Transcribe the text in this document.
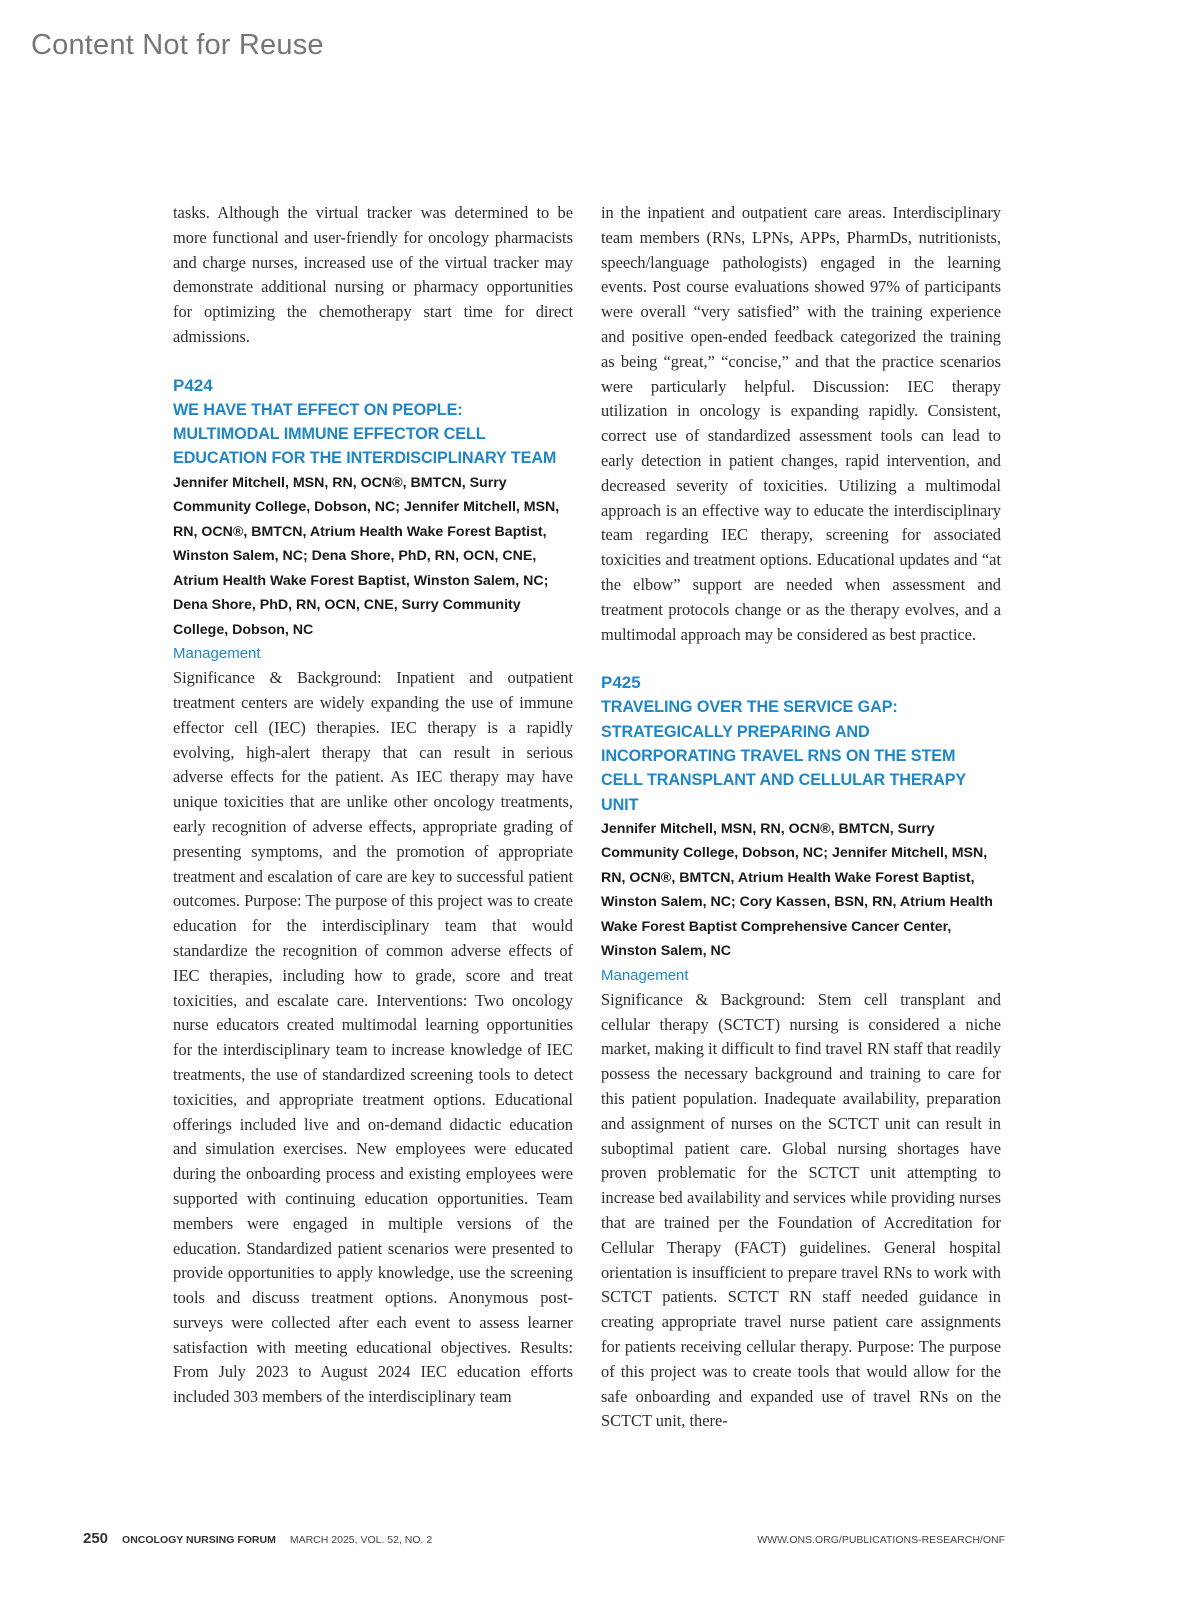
Content Not for Reuse

tasks. Although the virtual tracker was determined to be more functional and user-friendly for oncology pharmacists and charge nurses, increased use of the virtual tracker may demonstrate additional nursing or pharmacy opportunities for optimizing the chemotherapy start time for direct admissions.

P424

WE HAVE THAT EFFECT ON PEOPLE: MULTIMODAL IMMUNE EFFECTOR CELL EDUCATION FOR THE INTERDISCIPLINARY TEAM

Jennifer Mitchell, MSN, RN, OCN®, BMTCN, Surry Community College, Dobson, NC; Jennifer Mitchell, MSN, RN, OCN®, BMTCN, Atrium Health Wake Forest Baptist, Winston Salem, NC; Dena Shore, PhD, RN, OCN, CNE, Atrium Health Wake Forest Baptist, Winston Salem, NC; Dena Shore, PhD, RN, OCN, CNE, Surry Community College, Dobson, NC

Management

Significance & Background: Inpatient and outpatient treatment centers are widely expanding the use of immune effector cell (IEC) therapies. IEC therapy is a rapidly evolving, high-alert therapy that can result in serious adverse effects for the patient. As IEC therapy may have unique toxicities that are unlike other oncology treatments, early recognition of adverse effects, appropriate grading of presenting symptoms, and the promotion of appropriate treatment and escalation of care are key to successful patient outcomes. Purpose: The purpose of this project was to create education for the interdisciplinary team that would standardize the recognition of common adverse effects of IEC therapies, including how to grade, score and treat toxicities, and escalate care. Interventions: Two oncology nurse educators created multimodal learning opportunities for the interdisciplinary team to increase knowledge of IEC treatments, the use of standardized screening tools to detect toxicities, and appropriate treatment options. Educational offerings included live and on-demand didactic education and simulation exercises. New employees were educated during the onboarding process and existing employees were supported with continuing education opportunities. Team members were engaged in multiple versions of the education. Standardized patient scenarios were presented to provide opportunities to apply knowledge, use the screening tools and discuss treatment options. Anonymous post-surveys were collected after each event to assess learner satisfaction with meeting educational objectives. Results: From July 2023 to August 2024 IEC education efforts included 303 members of the interdisciplinary team

in the inpatient and outpatient care areas. Interdisciplinary team members (RNs, LPNs, APPs, PharmDs, nutritionists, speech/language pathologists) engaged in the learning events. Post course evaluations showed 97% of participants were overall “very satisfied” with the training experience and positive open-ended feedback categorized the training as being “great,” “concise,” and that the practice scenarios were particularly helpful. Discussion: IEC therapy utilization in oncology is expanding rapidly. Consistent, correct use of standardized assessment tools can lead to early detection in patient changes, rapid intervention, and decreased severity of toxicities. Utilizing a multimodal approach is an effective way to educate the interdisciplinary team regarding IEC therapy, screening for associated toxicities and treatment options. Educational updates and “at the elbow” support are needed when assessment and treatment protocols change or as the therapy evolves, and a multimodal approach may be considered as best practice.

P425

TRAVELING OVER THE SERVICE GAP: STRATEGICALLY PREPARING AND INCORPORATING TRAVEL RNS ON THE STEM CELL TRANSPLANT AND CELLULAR THERAPY UNIT

Jennifer Mitchell, MSN, RN, OCN®, BMTCN, Surry Community College, Dobson, NC; Jennifer Mitchell, MSN, RN, OCN®, BMTCN, Atrium Health Wake Forest Baptist, Winston Salem, NC; Cory Kassen, BSN, RN, Atrium Health Wake Forest Baptist Comprehensive Cancer Center, Winston Salem, NC

Management

Significance & Background: Stem cell transplant and cellular therapy (SCTCT) nursing is considered a niche market, making it difficult to find travel RN staff that readily possess the necessary background and training to care for this patient population. Inadequate availability, preparation and assignment of nurses on the SCTCT unit can result in suboptimal patient care. Global nursing shortages have proven problematic for the SCTCT unit attempting to increase bed availability and services while providing nurses that are trained per the Foundation of Accreditation for Cellular Therapy (FACT) guidelines. General hospital orientation is insufficient to prepare travel RNs to work with SCTCT patients. SCTCT RN staff needed guidance in creating appropriate travel nurse patient care assignments for patients receiving cellular therapy. Purpose: The purpose of this project was to create tools that would allow for the safe onboarding and expanded use of travel RNs on the SCTCT unit, there-

250 ONCOLOGY NURSING FORUM MARCH 2025, VOL. 52, NO. 2	WWW.ONS.ORG/PUBLICATIONS-RESEARCH/ONF
